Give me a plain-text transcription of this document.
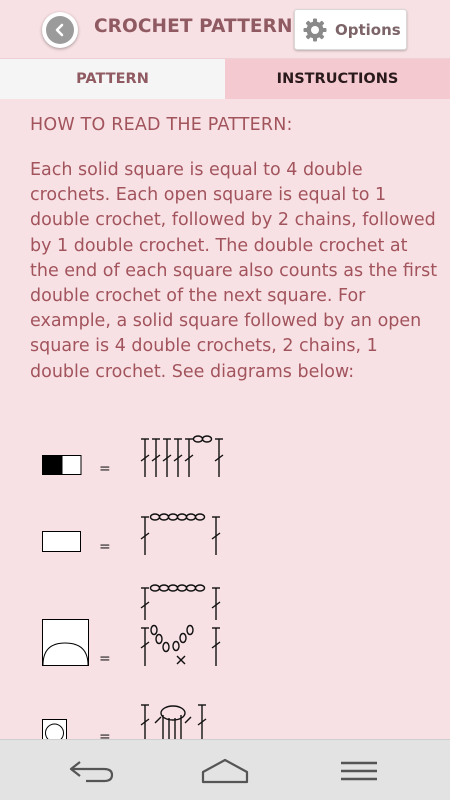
CROCHET PATTERN	Options
PATTERN	INSTRUCTIONS
HOW TO READ THE PATTERN:
Each solid square is equal to 4 double crochets. Each open square is equal to 1 double crochet, followed by 2 chains, followed by 1 double crochet. The double crochet at the end of each square also counts as the first double crochet of the next square. For example, a solid square followed by an open square is 4 double crochets, 2 chains, 1 double crochet. See diagrams below:
=
=
=
=
